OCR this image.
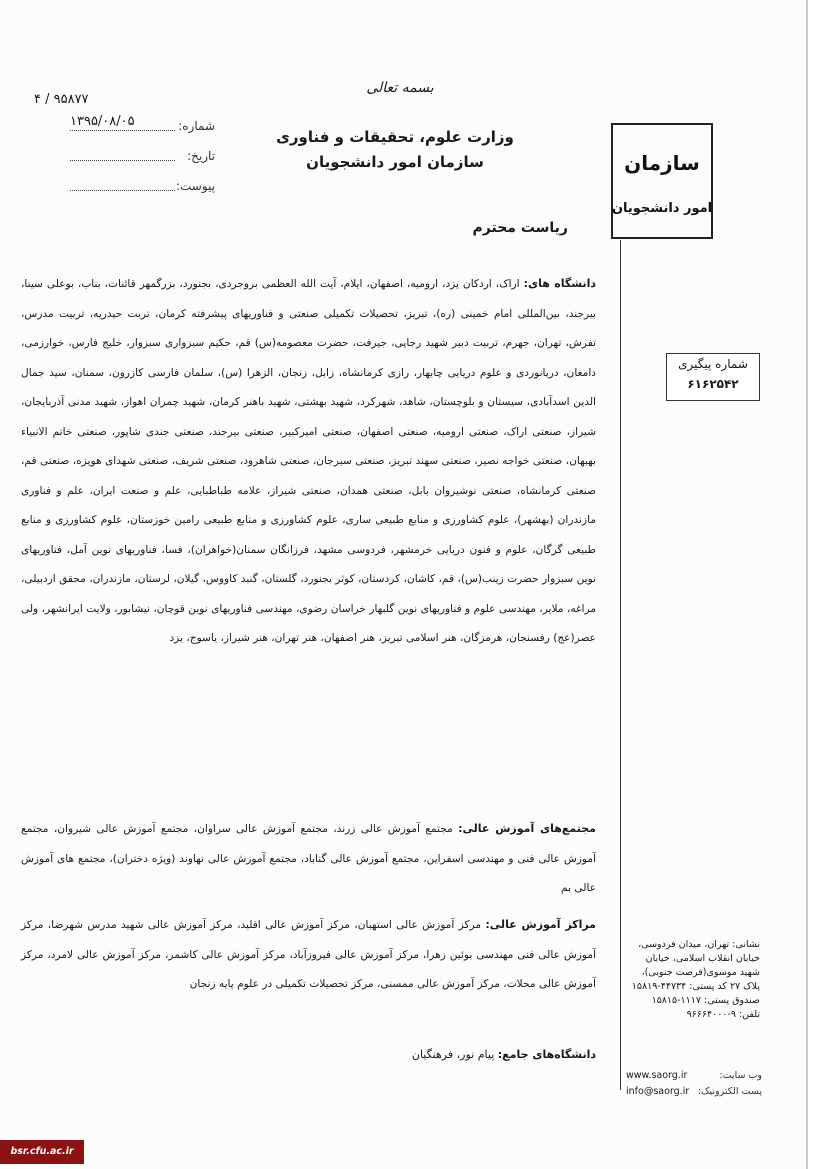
بسمه تعالی
وزارت علوم، تحقیقات و فناوری
سازمان امور دانشجویان
۴ / ۹۵۸۷۷
شماره:
۱۳۹۵/۰۸/۰۵
تاریخ:
پیوست:
سازمان
امور دانشجویان
شماره پیگیری
۶۱۶۲۵۴۲
ریاست محترم
دانشگاه های: اراک، اردکان یزد، ارومیه، اصفهان، ایلام، آیت الله العظمی بروجردی، بجنورد، بزرگمهر قائنات، بناب، بوعلی سینا، بیرجند، بین‌المللی امام خمینی (ره)، تبریز، تحصیلات تکمیلی صنعتی و فناوریهای پیشرفته کرمان، تربت حیدریه، تربیت مدرس، تفرش، تهران، جهرم، تربیت دبیر شهید رجایی، جیرفت، حضرت معصومه(س) قم، حکیم سبزواری سبزوار، خلیج فارس، خوارزمی، دامغان، دریانوردی و علوم دریایی چابهار، رازی کرمانشاه، زابل، زنجان، الزهرا (س)، سلمان فارسی کازرون، سمنان، سید جمال الدین اسدآبادی، سیستان و بلوچستان، شاهد، شهرکرد، شهید بهشتی، شهید باهنر کرمان، شهید چمران اهواز، شهید مدنی آذربایجان، شیراز، صنعتی اراک، صنعتی ارومیه، صنعتی اصفهان، صنعتی امیرکبیر، صنعتی بیرجند، صنعتی جندی شاپور، صنعتی خاتم الانبیاء بهبهان، صنعتی خواجه نصیر، صنعتی سهند تبریز، صنعتی سیرجان، صنعتی شاهرود، صنعتی شریف، صنعتی شهدای هویزه، صنعتی قم، صنعتی کرمانشاه، صنعتی نوشیروان بابل، صنعتی همدان، صنعتی شیراز، علامه طباطبایی، علم و صنعت ایران، علم و فناوری مازندران (بهشهر)، علوم کشاورزی و منابع طبیعی ساری، علوم کشاورزی و منابع طبیعی رامین خوزستان، علوم کشاورزی و منابع طبیعی گرگان، علوم و فنون دریایی خرمشهر، فردوسی مشهد، فرزانگان سمنان(خواهران)، فسا، فناوریهای نوین آمل، فناوریهای نوین سبزوار حضرت زینب(س)، قم، کاشان، کردستان، کوثر بجنورد، گلستان، گنبد کاووس، گیلان، لرستان، مازندران، محقق اردبیلی، مراغه، ملایر، مهندسی علوم و فناوریهای نوین گلبهار خراسان رضوی، مهندسی فناوریهای نوین قوچان، نیشابور، ولایت ایرانشهر، ولی عصر(عج) رفسنجان، هرمزگان، هنر اسلامی تبریز، هنر اصفهان، هنر تهران، هنر شیراز، یاسوج، یزد
مجتمع‌های آموزش عالی: مجتمع آموزش عالی زرند، مجتمع آموزش عالی سراوان، مجتمع آموزش عالی شیروان، مجتمع آموزش عالی فنی و مهندسی اسفراین، مجتمع آموزش عالی گناباد، مجتمع آموزش عالی نهاوند (ویژه دختران)، مجتمع های آموزش عالی بم
مراکز آموزش عالی: مرکز آموزش عالی استهبان، مرکز آموزش عالی اقلید، مرکز آموزش عالی شهید مدرس شهرضا، مرکز آموزش عالی فنی مهندسی بوئین زهرا، مرکز آموزش عالی فیروزآباد، مرکز آموزش عالی کاشمر، مرکز آموزش عالی لامرد، مرکز آموزش عالی محلات، مرکز آموزش عالی ممسنی، مرکز تحصیلات تکمیلی در علوم پایه زنجان
دانشگاه‌های جامع: پیام نور، فرهنگیان
نشانی: تهران، میدان فردوسی، خیابان انقلاب اسلامی، خیابان شهید موسوی(فرصت جنوبی)، پلاک ۲۷ کد پستی: ۴۴۷۳۴-۱۵۸۱۹ صندوق پستی: ۱۱۱۷-۱۵۸۱۵ تلفن: ۹-۹۶۶۶۴۰۰۰
www.saorg.ir	وب سایت:
info@saorg.ir پست الکترونیک:
bsr.cfu.ac.ir
